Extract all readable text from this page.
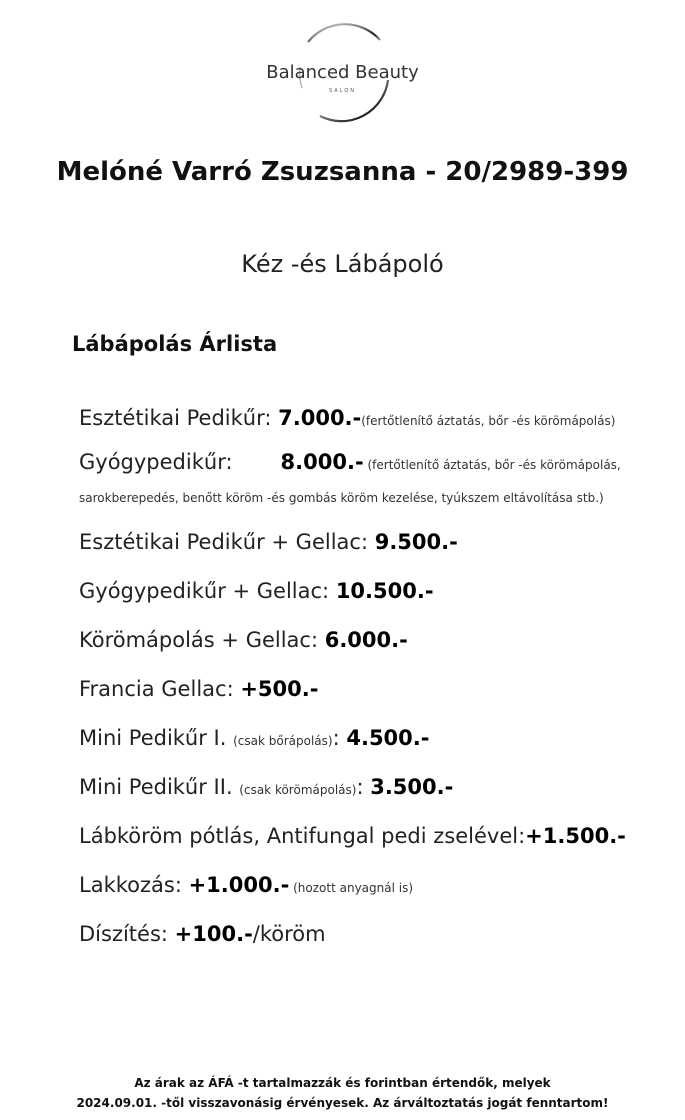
Balanced Beauty
SALON
Melóné Varró Zsuzsanna - 20/2989-399
Kéz -és Lábápoló
Lábápolás Árlista
Esztétikai Pedikűr: 7.000.-(fertőtlenítő áztatás, bőr -és körömápolás)
Gyógypedikűr: 8.000.- (fertőtlenítő áztatás, bőr -és körömápolás, sarokberepedés, benőtt köröm -és gombás köröm kezelése, tyúkszem eltávolítása stb.)
Esztétikai Pedikűr + Gellac: 9.500.-
Gyógypedikűr + Gellac: 10.500.-
Körömápolás + Gellac: 6.000.-
Francia Gellac: +500.-
Mini Pedikűr I. (csak bőrápolás): 4.500.-
Mini Pedikűr II. (csak körömápolás): 3.500.-
Lábköröm pótlás, Antifungal pedi zselével:+1.500.-
Lakkozás: +1.000.- (hozott anyagnál is)
Díszítés: +100.-/köröm
Az árak az ÁFÁ -t tartalmazzák és forintban értendők, melyek
2024.09.01. -től visszavonásig érvényesek. Az árváltoztatás jogát fenntartom!
